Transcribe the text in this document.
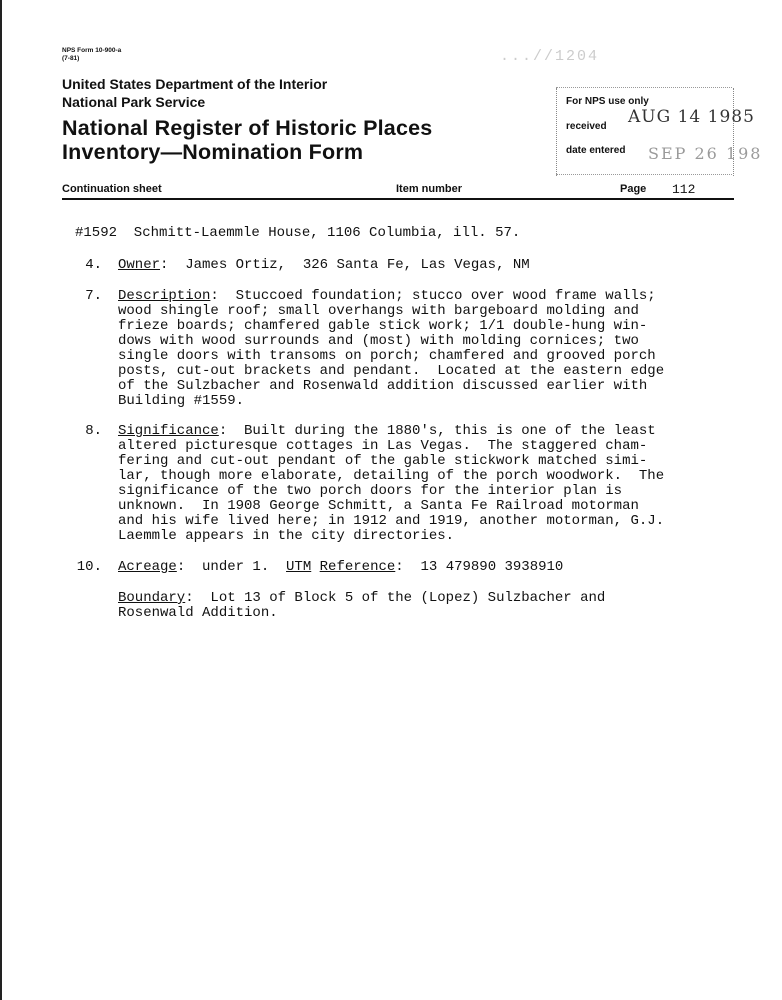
NPS Form 10-900-a
(7-81)
United States Department of the Interior
National Park Service
National Register of Historic Places
Inventory—Nomination Form
...//1204
For NPS use only
received AUG 14 1985
date entered SEP 26 198
Continuation sheet	Item number	Page 112
#1592  Schmitt-Laemmle House, 1106 Columbia, ill. 57.
4. Owner:  James Ortiz,  326 Santa Fe, Las Vegas, NM
7. Description:  Stuccoed foundation; stucco over wood frame walls;
wood shingle roof; small overhangs with bargeboard molding and
frieze boards; chamfered gable stick work; 1/1 double-hung win-
dows with wood surrounds and (most) with molding cornices; two
single doors with transoms on porch; chamfered and grooved porch
posts, cut-out brackets and pendant.  Located at the eastern edge
of the Sulzbacher and Rosenwald addition discussed earlier with
Building #1559.
8. Significance:  Built during the 1880's, this is one of the least
altered picturesque cottages in Las Vegas.  The staggered cham-
fering and cut-out pendant of the gable stickwork matched simi-
lar, though more elaborate, detailing of the porch woodwork.  The
significance of the two porch doors for the interior plan is
unknown.  In 1908 George Schmitt, a Santa Fe Railroad motorman
and his wife lived here; in 1912 and 1919, another motorman, G.J.
Laemmle appears in the city directories.
10. Acreage:  under 1.  UTM Reference:  13 479890 3938910
Boundary:  Lot 13 of Block 5 of the (Lopez) Sulzbacher and
Rosenwald Addition.
